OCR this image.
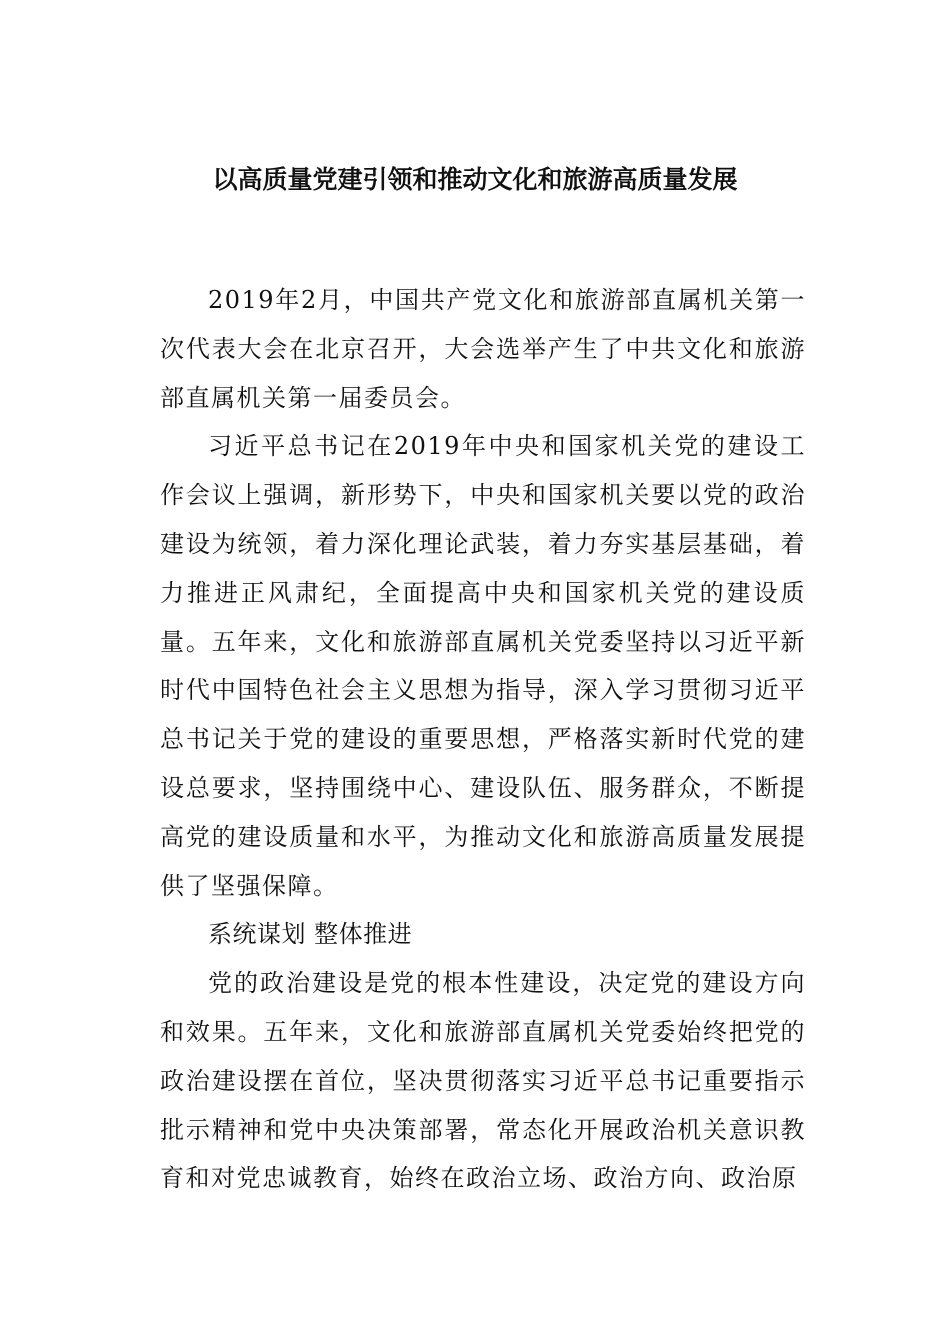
以高质量党建引领和推动文化和旅游高质量发展

2019年2月，中国共产党文化和旅游部直属机关第一次代表大会在北京召开，大会选举产生了中共文化和旅游部直属机关第一届委员会。

习近平总书记在2019年中央和国家机关党的建设工作会议上强调，新形势下，中央和国家机关要以党的政治建设为统领，着力深化理论武装，着力夯实基层基础，着力推进正风肃纪，全面提高中央和国家机关党的建设质量。五年来，文化和旅游部直属机关党委坚持以习近平新时代中国特色社会主义思想为指导，深入学习贯彻习近平总书记关于党的建设的重要思想，严格落实新时代党的建设总要求，坚持围绕中心、建设队伍、服务群众，不断提高党的建设质量和水平，为推动文化和旅游高质量发展提供了坚强保障。

系统谋划 整体推进

党的政治建设是党的根本性建设，决定党的建设方向和效果。五年来，文化和旅游部直属机关党委始终把党的政治建设摆在首位，坚决贯彻落实习近平总书记重要指示批示精神和党中央决策部署，常态化开展政治机关意识教育和对党忠诚教育，始终在政治立场、政治方向、政治原
